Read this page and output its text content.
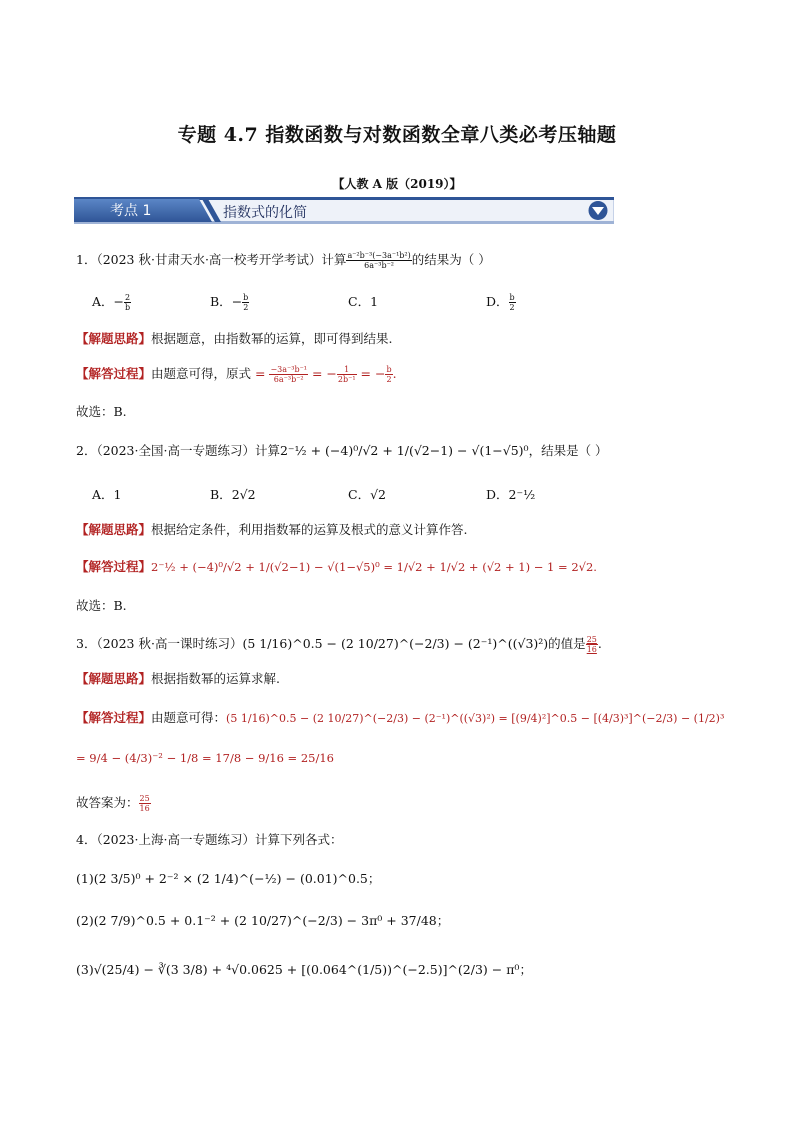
专题 4.7 指数函数与对数函数全章八类必考压轴题
【人教 A 版（2019）】
考点 1	指数式的化简
1．（2023 秋·甘肃天水·高一校考开学考试）计算 $\frac{\text{a⁻²b⁻³(−3a⁻¹b²)}}{\text{6a⁻³b⁻²}}$ 的结果为（ ）
A．− $\frac{2}{b}$	B．− $\frac{b}{2}$	C．1	D． $\frac{b}{2}$
【解题思路】根据题意，由指数幂的运算，即可得到结果.
【解答过程】由题意可得，原式 = $\frac{\text{−3a⁻³b⁻¹}}{\text{6a⁻³b⁻²}}$ = − $\frac{1}{\text{2b⁻¹}}$ = − $\frac{b}{2}$ .
故选：B.
2．（2023·全国·高一专题练习）计算2⁻½ + (−4)⁰/√2 + 1/(√2−1) − √(1−√5)⁰，结果是（ ）
A．1	B．2√2	C．√2	D．2⁻½
【解题思路】根据给定条件，利用指数幂的运算及根式的意义计算作答.
【解答过程】2⁻½ + (−4)⁰/√2 + 1/(√2−1) − √(1−√5)⁰ = 1/√2 + 1/√2 + (√2 + 1) − 1 = 2√2.
故选：B.
3．（2023 秋·高一课时练习）(5 1/16)^0.5 − (2 10/27)^(−2/3) − (2⁻¹)^((√3)²)的值是 $\frac{25}{16}$ .
【解题思路】根据指数幂的运算求解.
【解答过程】由题意可得：(5 1/16)^0.5 − (2 10/27)^(−2/3) − (2⁻¹)^((√3)²) = [(9/4)²]^0.5 − [(4/3)³]^(−2/3) − (1/2)³
= 9/4 − (4/3)⁻² − 1/8 = 17/8 − 9/16 = 25/16
故答案为： $\frac{25}{16}$
4．（2023·上海·高一专题练习）计算下列各式：
(1)(2 3/5)⁰ + 2⁻² × (2 1/4)^(−½) − (0.01)^0.5；
(2)(2 7/9)^0.5 + 0.1⁻² + (2 10/27)^(−2/3) − 3π⁰ + 37/48；
(3)√(25/4) − ∛(3 3/8) + ⁴√0.0625 + [(0.064^(1/5))^(−2.5)]^(2/3) − π⁰；
